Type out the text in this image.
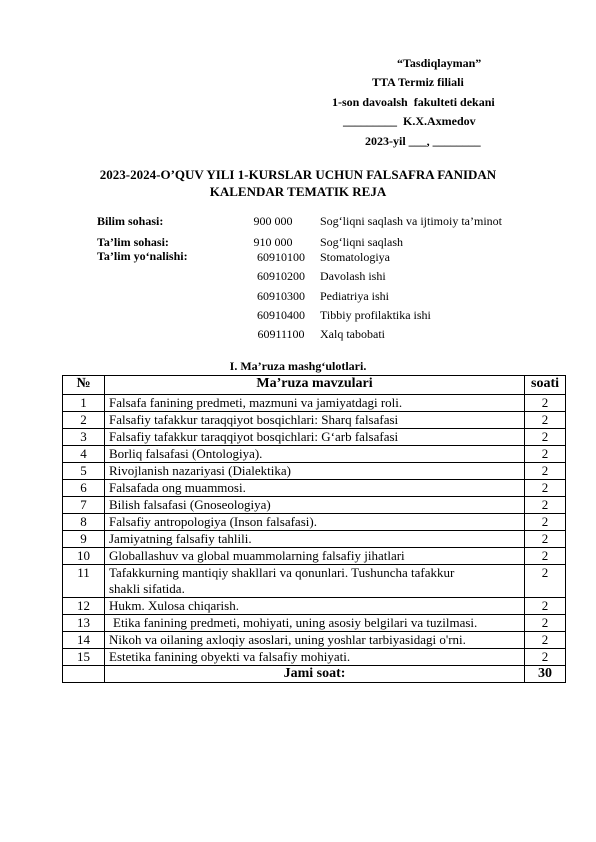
“Tasdiqlayman”
TTA Termiz filiali
1-son davoalsh  fakulteti dekani
_________  K.X.Axmedov
2023-yil ___, ________
2023-2024-O’QUV YILI 1-KURSLAR UCHUN FALSAFRA FANIDAN
KALENDAR TEMATIK REJA
Bilim sohasi:	900 000	Sog‘liqni saqlash va ijtimoiy ta’minot
Ta’lim sohasi:	910 000	Sog‘liqni saqlash
Ta’lim yo‘nalishi:	60910100	Stomatologiya
60910200	Davolash ishi
60910300	Pediatriya ishi
60910400	Tibbiy profilaktika ishi
60911100	Xalq tabobati
I. Ma’ruza mashg‘ulotlari.
№	Ma’ruza mavzulari	soati
1	Falsafa fanining predmeti, mazmuni va jamiyatdagi roli.	2
2	Falsafiy tafakkur taraqqiyot bosqichlari: Sharq falsafasi	2
3	Falsafiy tafakkur taraqqiyot bosqichlari: G‘arb falsafasi	2
4	Borliq falsafasi (Ontologiya).	2
5	Rivojlanish nazariyasi (Dialektika)	2
6	Falsafada ong muammosi.	2
7	Bilish falsafasi (Gnoseologiya)	2
8	Falsafiy antropologiya (Inson falsafasi).	2
9	Jamiyatning falsafiy tahlili.	2
10	Globallashuv va global muammolarning falsafiy jihatlari	2
11	Tafakkurning mantiqiy shakllari va qonunlari. Tushuncha tafakkur shakli sifatida.	2
12	Hukm. Xulosa chiqarish.	2
13	Etika fanining predmeti, mohiyati, uning asosiy belgilari va tuzilmasi.	2
14	Nikoh va oilaning axloqiy asoslari, uning yoshlar tarbiyasidagi o'rni.	2
15	Estetika fanining obyekti va falsafiy mohiyati.	2
	Jami soat:	30
